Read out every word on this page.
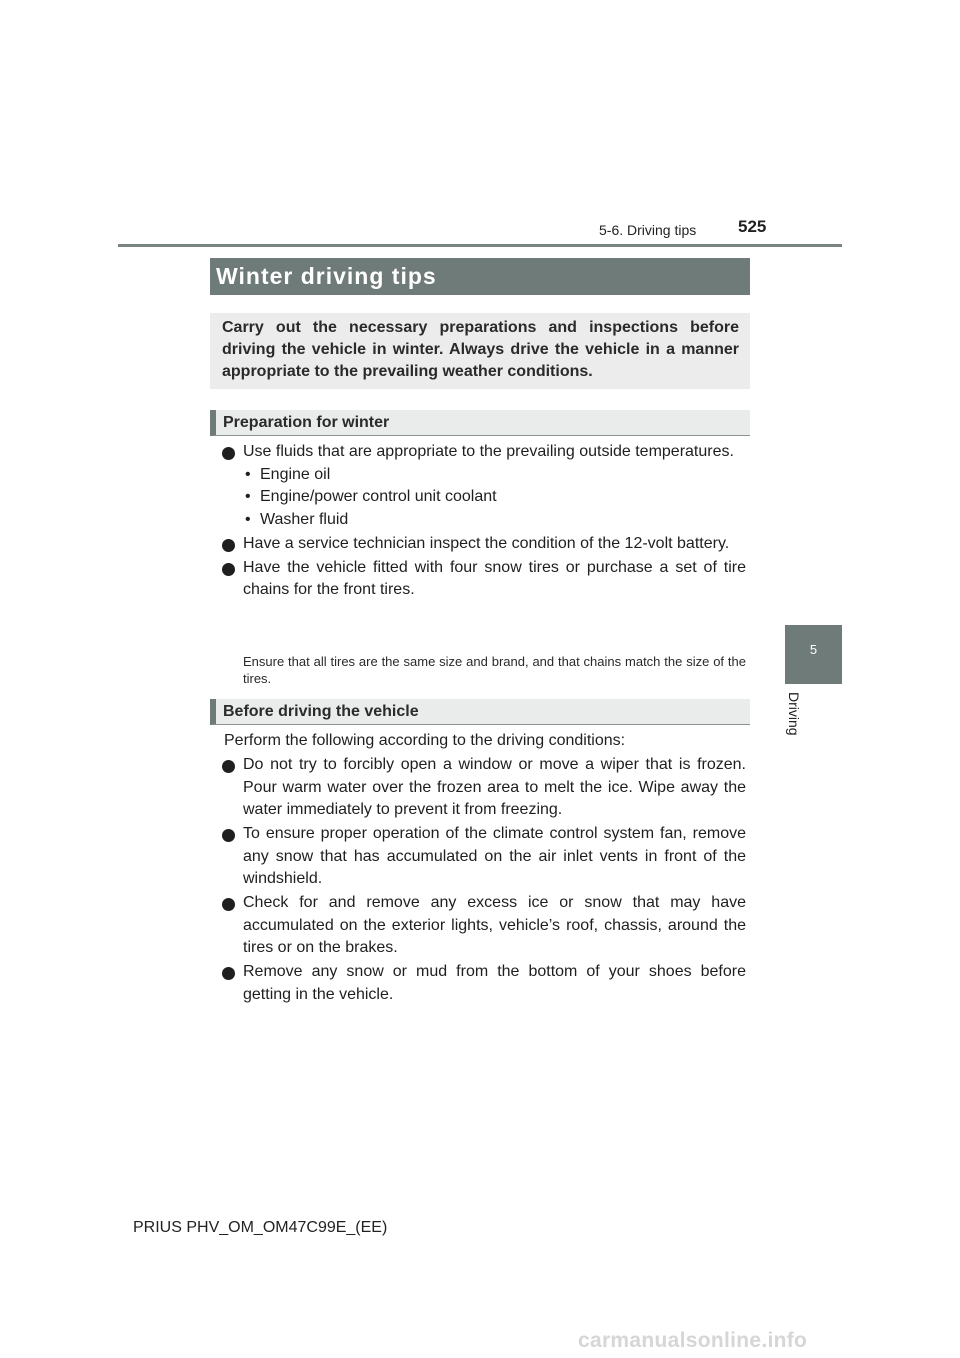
5-6. Driving tips 525
5
Driving
Winter driving tips
Carry out the necessary preparations and inspections before driving the vehicle in winter. Always drive the vehicle in a manner appropriate to the prevailing weather conditions.
Preparation for winter
Use fluids that are appropriate to the prevailing outside temperatures.
• Engine oil
• Engine/power control unit coolant
• Washer fluid
Have a service technician inspect the condition of the 12-volt battery.
Have the vehicle fitted with four snow tires or purchase a set of tire chains for the front tires.
Ensure that all tires are the same size and brand, and that chains match the size of the tires.
Before driving the vehicle
Perform the following according to the driving conditions:
Do not try to forcibly open a window or move a wiper that is frozen. Pour warm water over the frozen area to melt the ice. Wipe away the water immediately to prevent it from freezing.
To ensure proper operation of the climate control system fan, remove any snow that has accumulated on the air inlet vents in front of the windshield.
Check for and remove any excess ice or snow that may have accumulated on the exterior lights, vehicle’s roof, chassis, around the tires or on the brakes.
Remove any snow or mud from the bottom of your shoes before getting in the vehicle.
PRIUS PHV_OM_OM47C99E_(EE)
carmanualsonline.info
